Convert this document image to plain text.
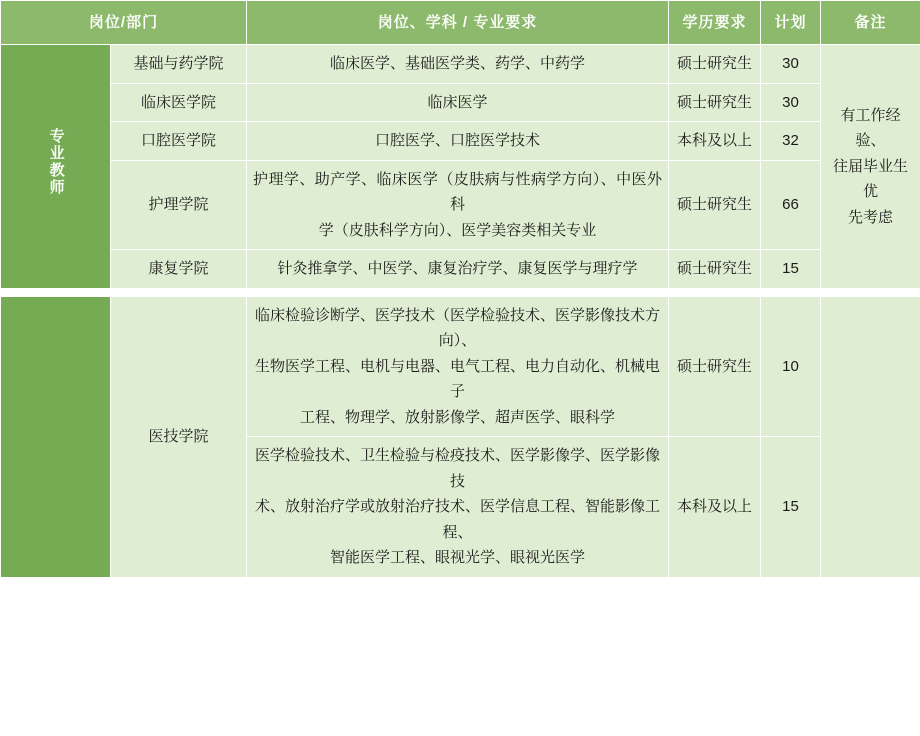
岗位/部门		岗位、学科 / 专业要求	学历要求	计划	备注
专业教师	基础与药学院	临床医学、基础医学类、药学、中药学	硕士研究生	30	有工作经验、
往届毕业生优
先考虑

	临床医学院	临床医学	硕士研究生	30	
	口腔医学院	口腔医学、口腔医学技术	本科及以上	32	
	护理学院	护理学、助产学、临床医学（皮肤病与性病学方向）、中医外科
学（皮肤科学方向）、医学美容类相关专业	硕士研究生	66	
	康复学院	针灸推拿学、中医学、康复治疗学、康复医学与理疗学	硕士研究生	15	

	医技学院	临床检验诊断学、医学技术（医学检验技术、医学影像技术方向）、
生物医学工程、电机与电器、电气工程、电力自动化、机械电子
工程、物理学、放射影像学、超声医学、眼科学	硕士研究生	10	

		医学检验技术、卫生检验与检疫技术、医学影像学、医学影像技
术、放射治疗学或放射治疗技术、医学信息工程、智能影像工程、
智能医学工程、眼视光学、眼视光医学	本科及以上	15	
